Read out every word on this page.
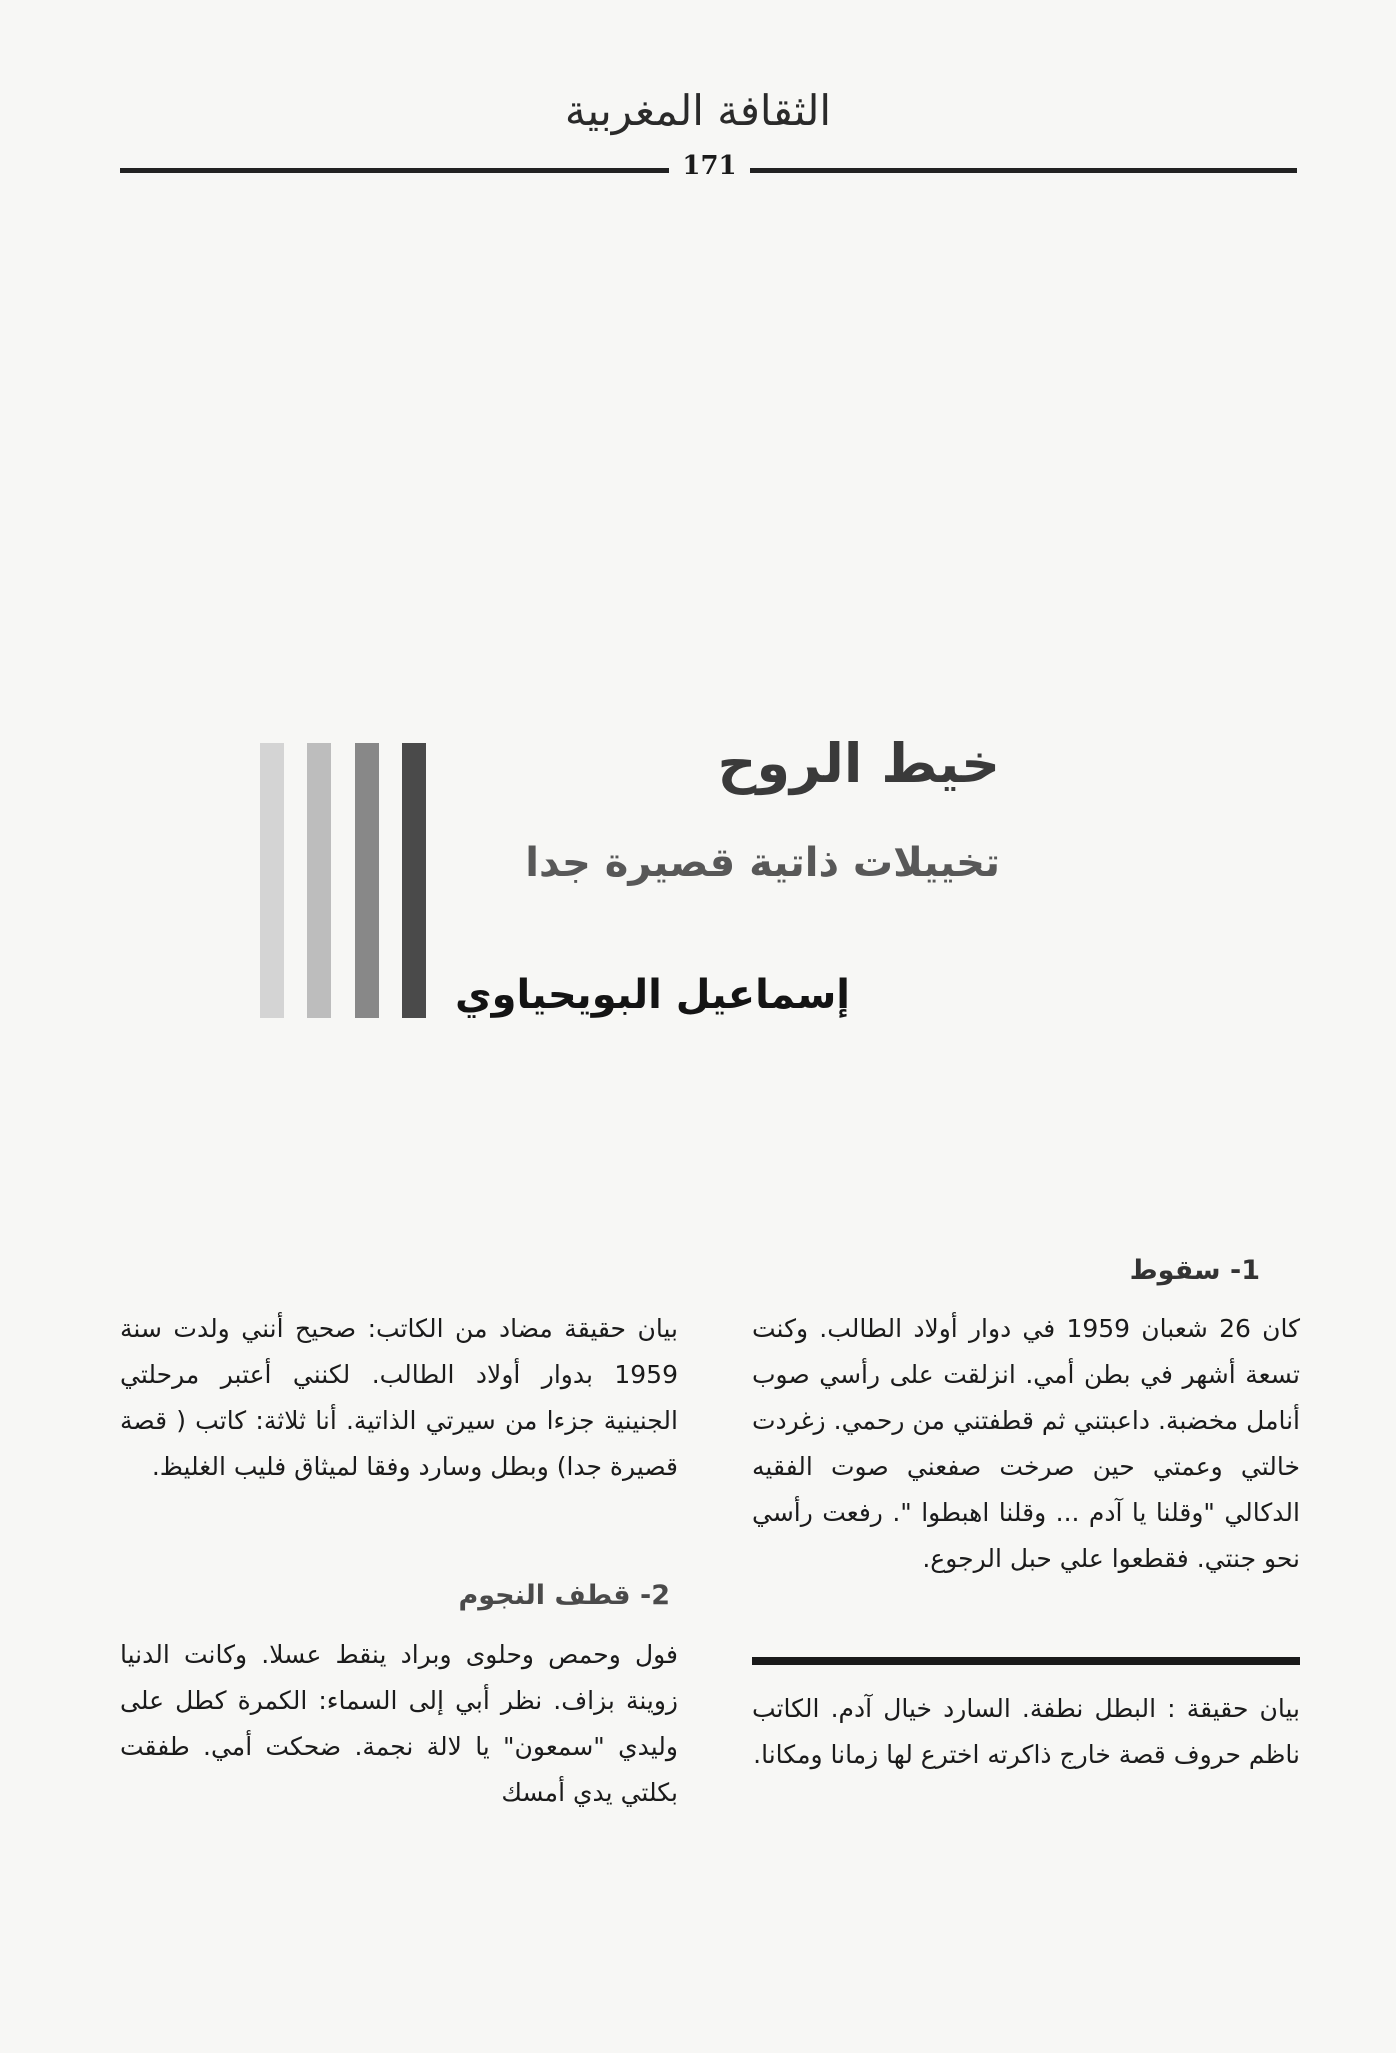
الثقافة المغربية
171
خيط الروح
تخييلات ذاتية قصيرة جدا
إسماعيل البويحياوي
1- سقوط

كان 26 شعبان 1959 في دوار أولاد الطالب. وكنت تسعة أشهر في بطن أمي. انزلقت على رأسي صوب أنامل مخضبة. داعبتني ثم قطفتني من رحمي. زغردت خالتي وعمتي حين صرخت صفعني صوت الفقيه الدكالي "وقلنا يا آدم ... وقلنا اهبطوا ". رفعت رأسي نحو جنتي. فقطعوا علي حبل الرجوع.

بيان حقيقة : البطل نطفة. السارد خيال آدم. الكاتب ناظم حروف قصة خارج ذاكرته اخترع لها زمانا ومكانا.

بيان حقيقة مضاد من الكاتب: صحيح أنني ولدت سنة 1959 بدوار أولاد الطالب. لكنني أعتبر مرحلتي الجنينية جزءا من سيرتي الذاتية. أنا ثلاثة: كاتب ( قصة قصيرة جدا) وبطل وسارد وفقا لميثاق فليب الغليظ.

2- قطف النجوم

فول وحمص وحلوى وبراد ينقط عسلا. وكانت الدنيا زوينة بزاف. نظر أبي إلى السماء: الكمرة كطل على وليدي "سمعون" يا لالة نجمة. ضحكت أمي. طفقت بكلتي يدي أمسك
